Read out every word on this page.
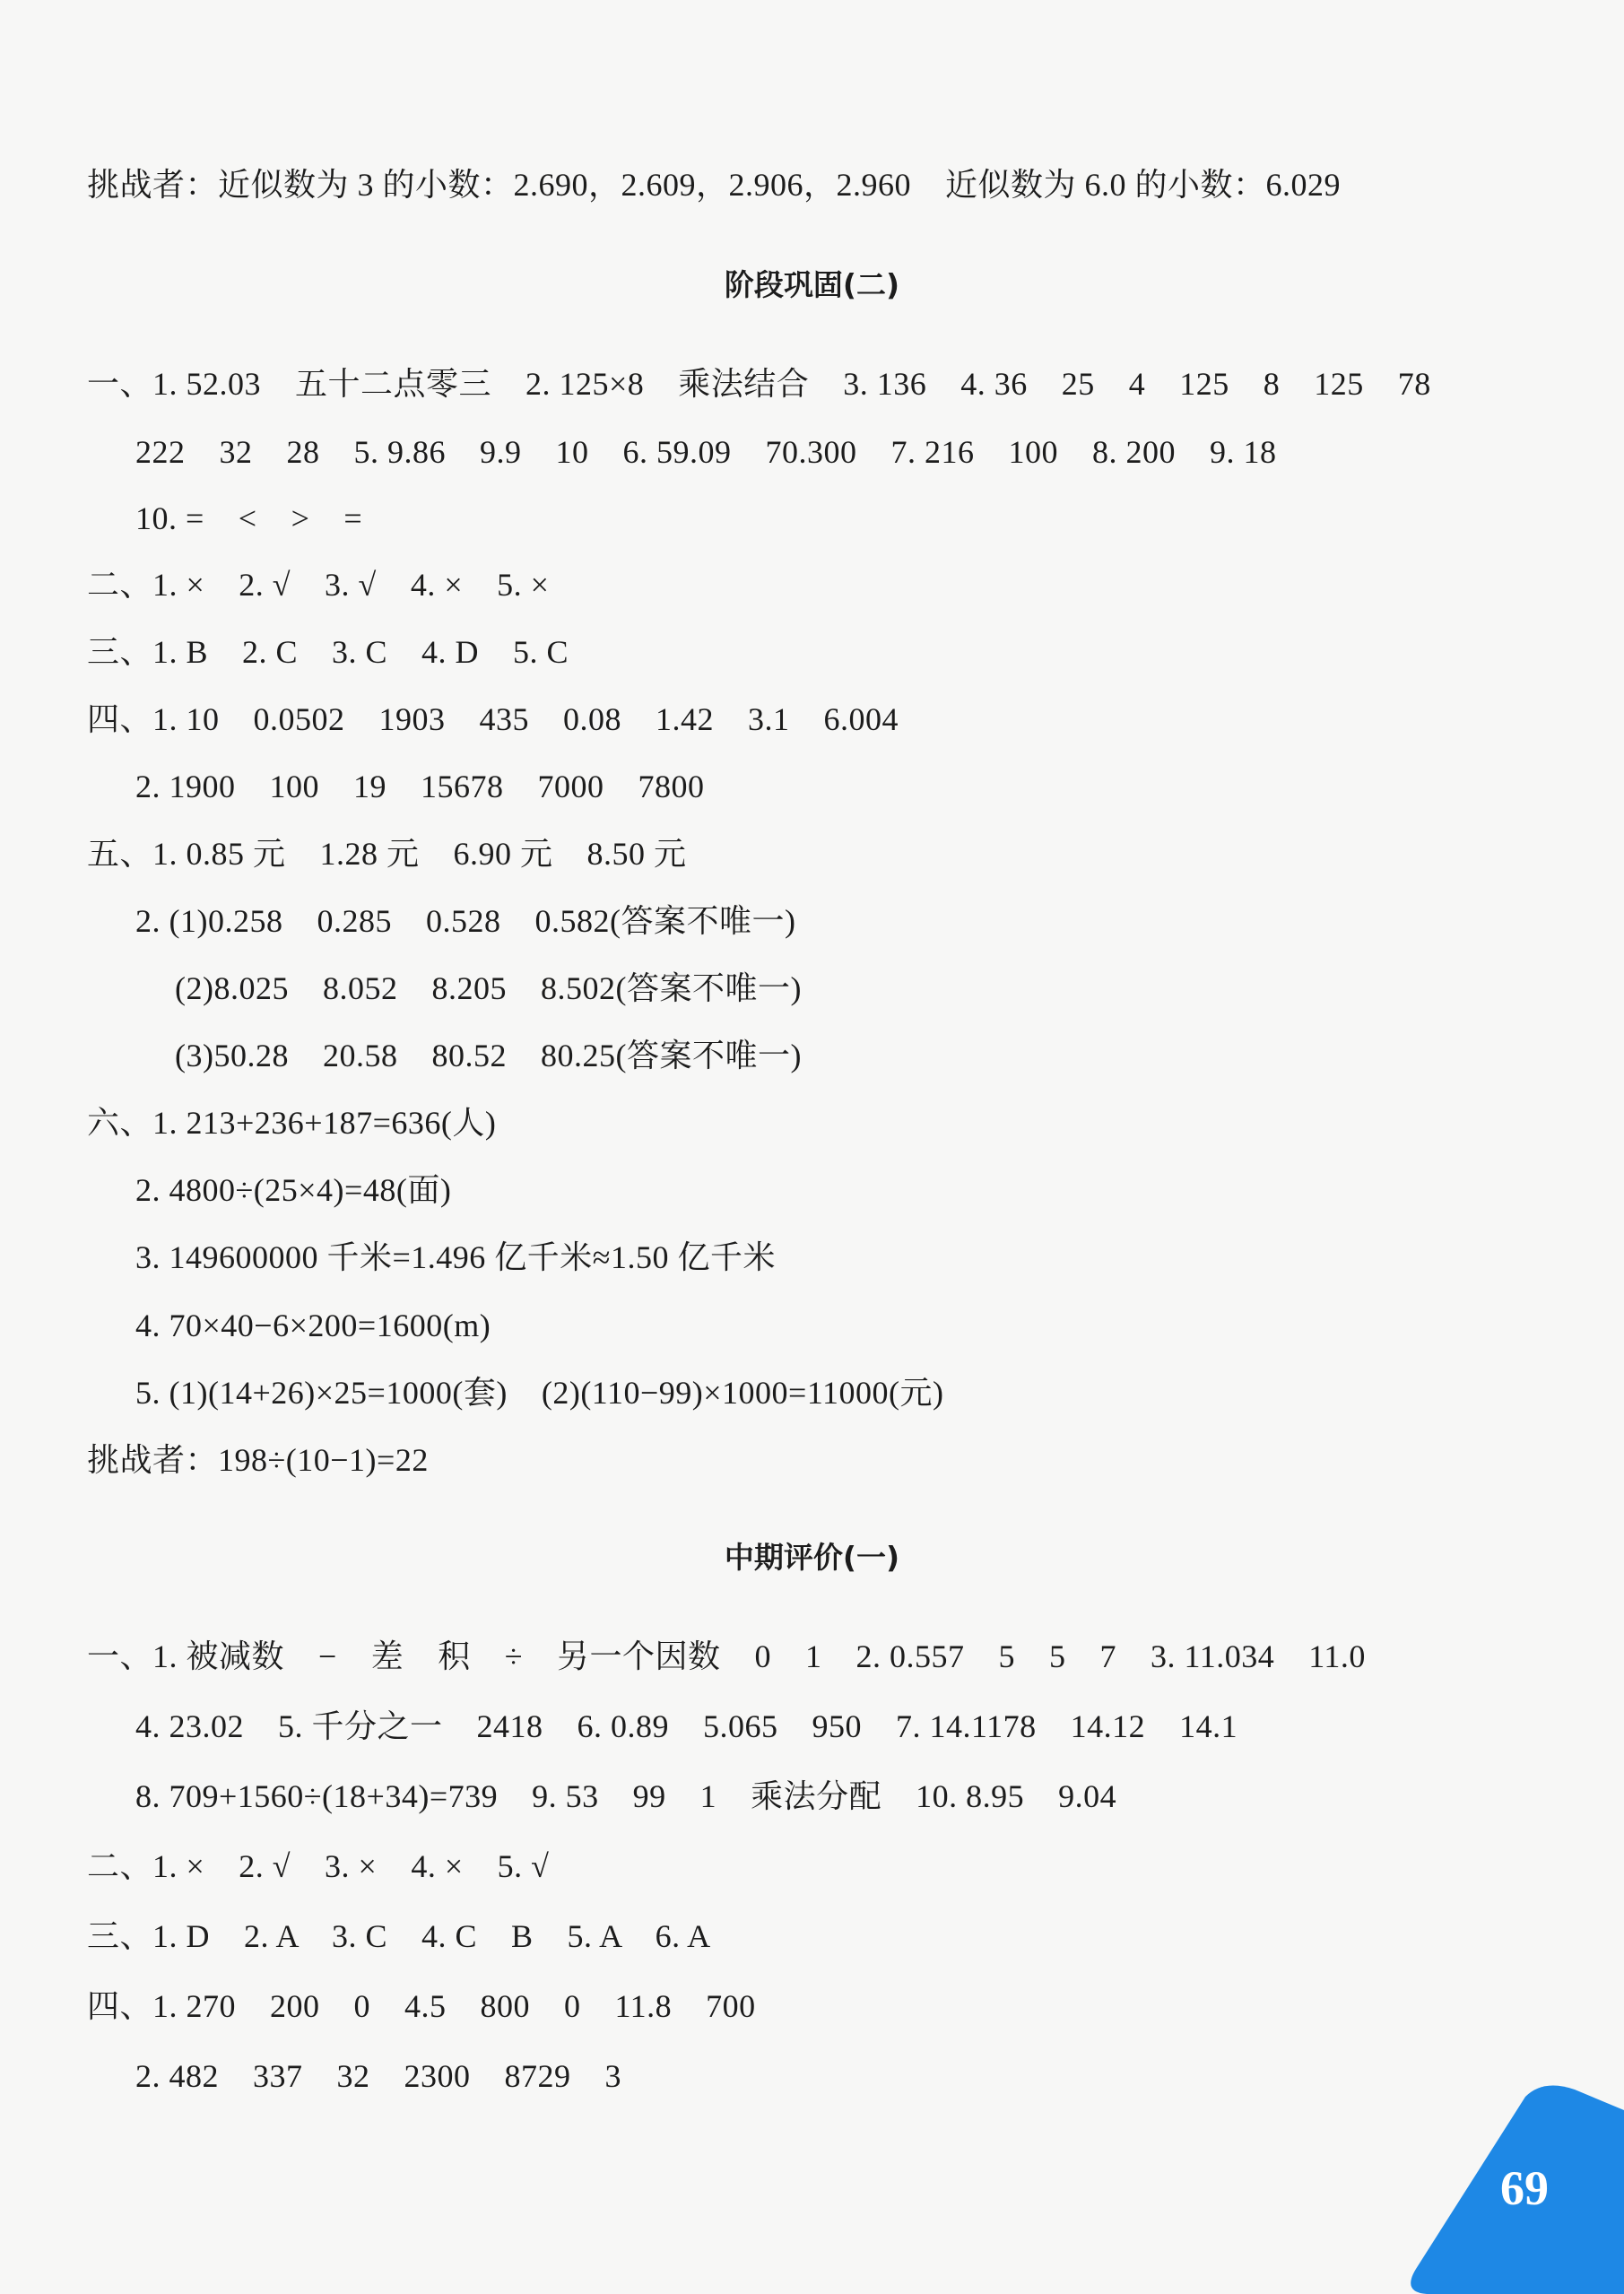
挑战者：近似数为 3 的小数：2.690，2.609，2.906，2.960    近似数为 6.0 的小数：6.029
阶段巩固(二)
一、1. 52.03    五十二点零三    2. 125×8    乘法结合    3. 136    4. 36    25    4    125    8    125    78
222    32    28    5. 9.86    9.9    10    6. 59.09    70.300    7. 216    100    8. 200    9. 18
10. =    <    >    =
二、1. ×    2. √    3. √    4. ×    5. ×
三、1. B    2. C    3. C    4. D    5. C
四、1. 10    0.0502    1903    435    0.08    1.42    3.1    6.004
2. 1900    100    19    15678    7000    7800
五、1. 0.85 元    1.28 元    6.90 元    8.50 元
2. (1)0.258    0.285    0.528    0.582(答案不唯一)
(2)8.025    8.052    8.205    8.502(答案不唯一)
(3)50.28    20.58    80.52    80.25(答案不唯一)
六、1. 213+236+187=636(人)
2. 4800÷(25×4)=48(面)
3. 149600000 千米=1.496 亿千米≈1.50 亿千米
4. 70×40−6×200=1600(m)
5. (1)(14+26)×25=1000(套)    (2)(110−99)×1000=11000(元)
挑战者：198÷(10−1)=22
中期评价(一)
一、1. 被减数    −    差    积    ÷    另一个因数    0    1    2. 0.557    5    5    7    3. 11.034    11.0
4. 23.02    5. 千分之一    2418    6. 0.89    5.065    950    7. 14.1178    14.12    14.1
8. 709+1560÷(18+34)=739    9. 53    99    1    乘法分配    10. 8.95    9.04
二、1. ×    2. √    3. ×    4. ×    5. √
三、1. D    2. A    3. C    4. C    B    5. A    6. A
四、1. 270    200    0    4.5    800    0    11.8    700
2. 482    337    32    2300    8729    3
69
